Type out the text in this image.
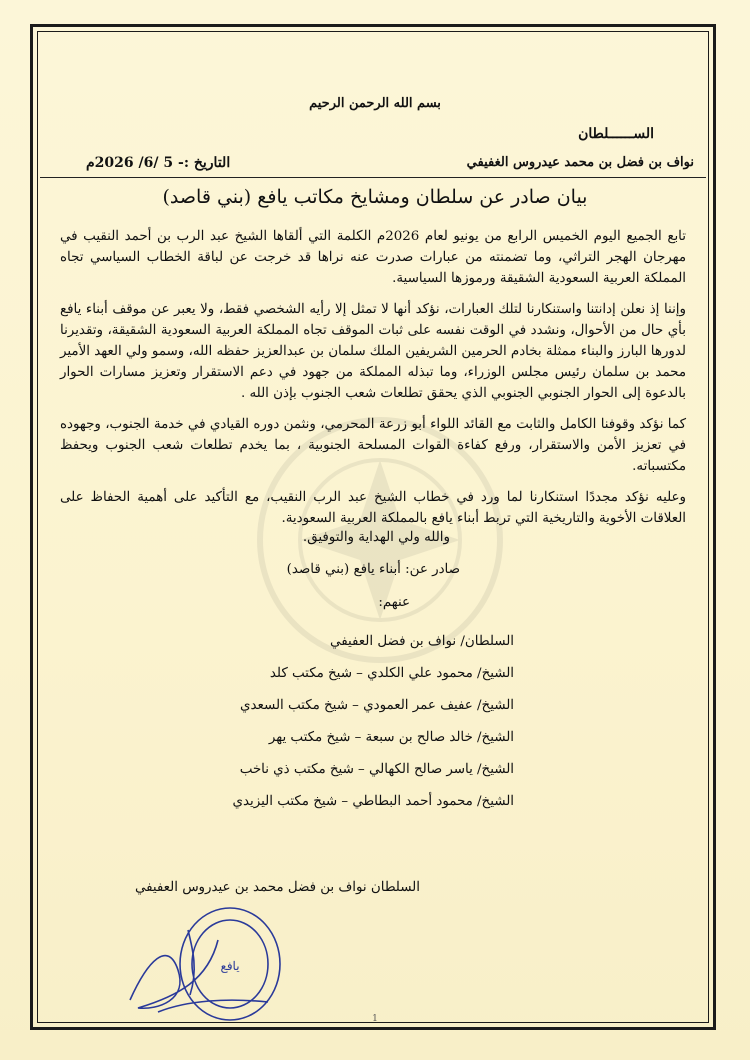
بسم الله الرحمن الرحيم
الســــــلطان
نواف بن فضل بن محمد عيدروس الغفيفي
التاريخ :- 5 /6/ 2026م
بيان صادر عن سلطان ومشايخ مكاتب يافع (بني قاصد)

تابع الجميع اليوم الخميس الرابع من يونيو لعام 2026م الكلمة التي ألقاها الشيخ عبد الرب بن أحمد النقيب في مهرجان الهجر التراثي، وما تضمنته من عبارات صدرت عنه نراها قد خرجت عن لباقة الخطاب السياسي تجاه المملكة العربية السعودية الشقيقة ورموزها السياسية.

وإننا إذ نعلن إدانتنا واستنكارنا لتلك العبارات، نؤكد أنها لا تمثل إلا رأيه الشخصي فقط، ولا يعبر عن موقف أبناء يافع بأي حال من الأحوال، ونشدد في الوقت نفسه على ثبات الموقف تجاه المملكة العربية السعودية الشقيقة، وتقديرنا لدورها البارز والبناء ممثلة بخادم الحرمين الشريفين الملك سلمان بن عبدالعزيز حفظه الله، وسمو ولي العهد الأمير محمد بن سلمان رئيس مجلس الوزراء، وما تبذله المملكة من جهود في دعم الاستقرار وتعزيز مسارات الحوار بالدعوة إلى الحوار الجنوبي الجنوبي الذي يحقق تطلعات شعب الجنوب بإذن الله .

كما نؤكد وقوفنا الكامل والثابت مع القائد اللواء أبو زرعة المحرمي، ونثمن دوره القيادي في خدمة الجنوب، وجهوده في تعزيز الأمن والاستقرار، ورفع كفاءة القوات المسلحة الجنوبية ، بما يخدم تطلعات شعب الجنوب ويحفظ مكتسباته.

وعليه نؤكد مجددًا استنكارنا لما ورد في خطاب الشيخ عبد الرب النقيب، مع التأكيد على أهمية الحفاظ على العلاقات الأخوية والتاريخية التي تربط أبناء يافع بالمملكة العربية السعودية.

والله ولي الهداية والتوفيق.
صادر عن: أبناء يافع (بني قاصد)
عنهم:
السلطان/ نواف بن فضل العفيفي
الشيخ/ محمود علي الكلدي – شيخ مكتب كلد
الشيخ/ عفيف عمر العمودي – شيخ مكتب السعدي
الشيخ/ خالد صالح بن سبعة – شيخ مكتب يهر
الشيخ/ ياسر صالح الكهالي – شيخ مكتب ذي ناخب
الشيخ/ محمود أحمد البطاطي – شيخ مكتب اليزيدي
السلطان نواف بن فضل محمد بن عيدروس العفيفي
يافع
1
